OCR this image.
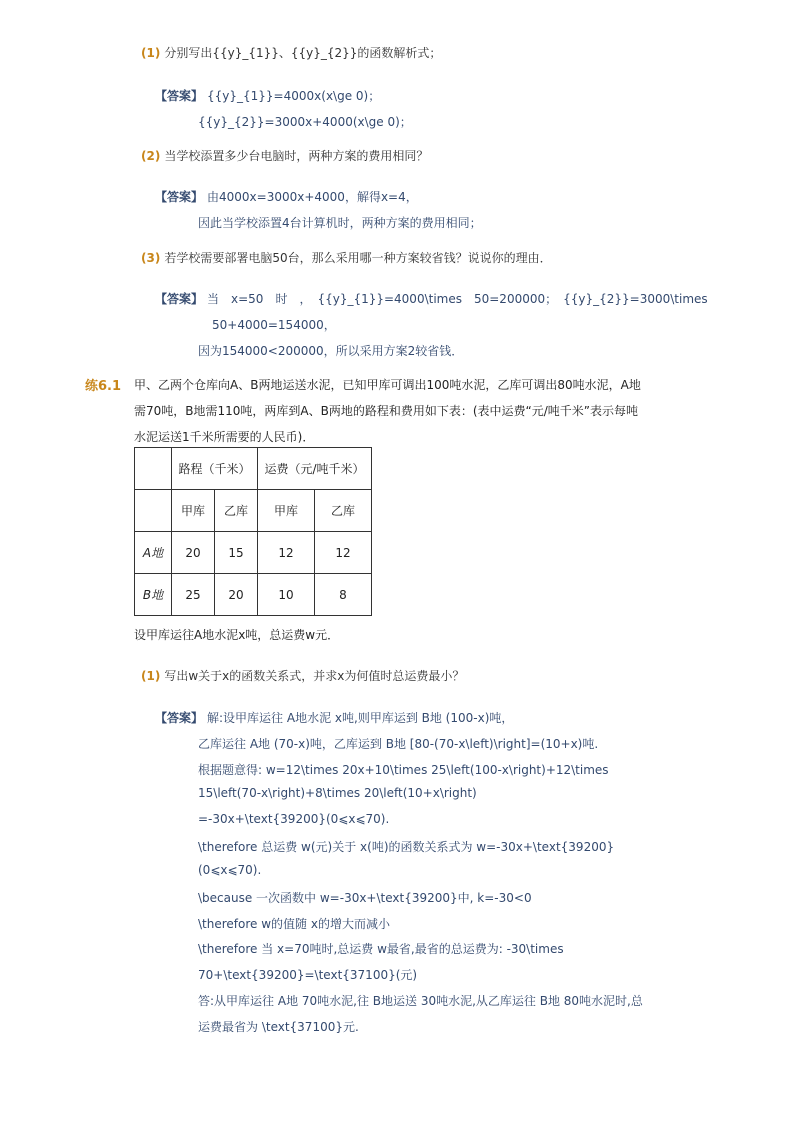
(1) 分别写出{{y}_{1}}、{{y}_{2}}的函数解析式；
【答案】 {{y}_{1}}=4000x(x\ge 0)；
{{y}_{2}}=3000x+4000(x\ge 0)；
(2) 当学校添置多少台电脑时，两种方案的费用相同？
【答案】 由4000x=3000x+4000，解得x=4，
因此当学校添置4台计算机时，两种方案的费用相同；
(3) 若学校需要部署电脑50台，那么采用哪一种方案较省钱？说说你的理由．
【答案】 当　x=50　时　，　{{y}_{1}}=4000\times　50=200000；　{{y}_{2}}=3000\times
50+4000=154000，
因为154000<200000，所以采用方案2较省钱．
练6.1 甲、乙两个仓库向A、B两地运送水泥，已知甲库可调出100吨水泥，乙库可调出80吨水泥，A地
需70吨，B地需110吨，两库到A、B两地的路程和费用如下表：(表中运费“元/吨千米”表示每吨
水泥运送1千米所需要的人民币)．
	路程（千米）		运费（元/吨千米）	
	甲库	乙库	甲库	乙库
A地	20	15	12	12
B地	25	20	10	8
设甲库运往A地水泥x吨，总运费w元．
(1) 写出w关于x的函数关系式，并求x为何值时总运费最小？
【答案】 解:设甲库运往 A地水泥 x吨,则甲库运到 B地 (100-x)吨，
乙库运往 A地 (70-x)吨，乙库运到 B地 [80-(70-x\left)\right]=(10+x)吨.
根据题意得: w=12\times 20x+10\times 25\left(100-x\right)+12\times
15\left(70-x\right)+8\times 20\left(10+x\right)
=-30x+\text{39200}(0⩽x⩽70).
\therefore 总运费 w(元)关于 x(吨)的函数关系式为 w=-30x+\text{39200}
(0⩽x⩽70).
\because 一次函数中 w=-30x+\text{39200}中, k=-30<0
\therefore w的值随 x的增大而减小
\therefore 当 x=70吨时,总运费 w最省,最省的总运费为: -30\times
70+\text{39200}=\text{37100}(元)
答:从甲库运往 A地 70吨水泥,往 B地运送 30吨水泥,从乙库运往 B地 80吨水泥时,总
运费最省为 \text{37100}元.
